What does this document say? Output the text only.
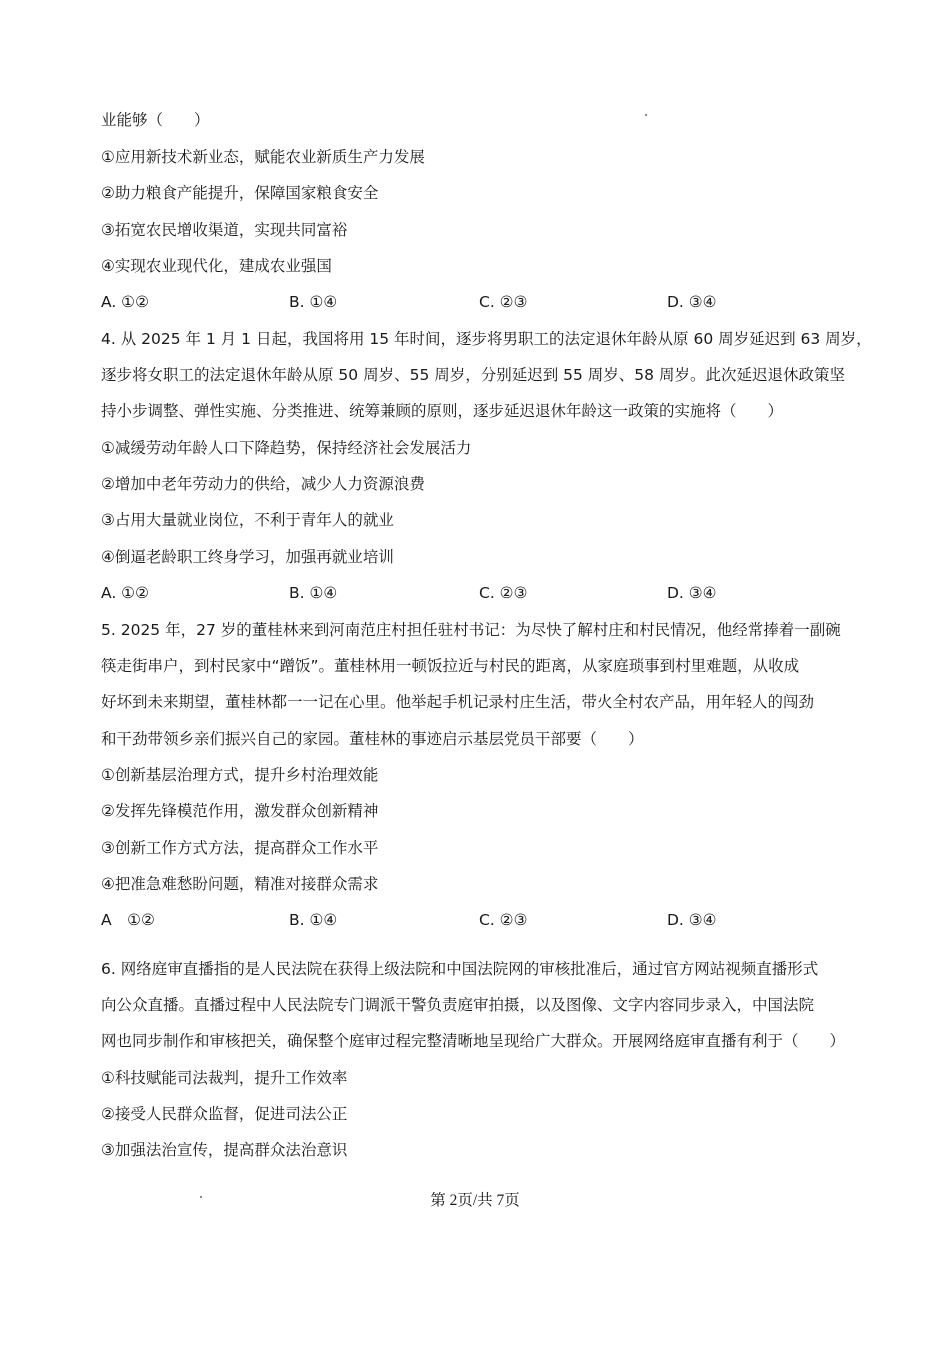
业能够（　　）
①应用新技术新业态，赋能农业新质生产力发展
②助力粮食产能提升，保障国家粮食安全
③拓宽农民增收渠道，实现共同富裕
④实现农业现代化，建成农业强国
A. ①②	B. ①④	C. ②③	D. ③④
4. 从 2025 年 1 月 1 日起，我国将用 15 年时间，逐步将男职工的法定退休年龄从原 60 周岁延迟到 63 周岁，
逐步将女职工的法定退休年龄从原 50 周岁、55 周岁，分别延迟到 55 周岁、58 周岁。此次延迟退休政策坚
持小步调整、弹性实施、分类推进、统筹兼顾的原则，逐步延迟退休年龄这一政策的实施将（　　）
①减缓劳动年龄人口下降趋势，保持经济社会发展活力
②增加中老年劳动力的供给，减少人力资源浪费
③占用大量就业岗位，不利于青年人的就业
④倒逼老龄职工终身学习，加强再就业培训
A. ①②	B. ①④	C. ②③	D. ③④
5. 2025 年，27 岁的董桂林来到河南范庄村担任驻村书记：为尽快了解村庄和村民情况，他经常捧着一副碗
筷走街串户，到村民家中“蹭饭”。董桂林用一顿饭拉近与村民的距离，从家庭琐事到村里难题，从收成
好坏到未来期望，董桂林都一一记在心里。他举起手机记录村庄生活，带火全村农产品，用年轻人的闯劲
和干劲带领乡亲们振兴自己的家园。董桂林的事迹启示基层党员干部要（　　）
①创新基层治理方式，提升乡村治理效能
②发挥先锋模范作用，激发群众创新精神
③创新工作方式方法，提高群众工作水平
④把准急难愁盼问题，精准对接群众需求
A　①②	B. ①④	C. ②③	D. ③④
6. 网络庭审直播指的是人民法院在获得上级法院和中国法院网的审核批准后，通过官方网站视频直播形式
向公众直播。直播过程中人民法院专门调派干警负责庭审拍摄，以及图像、文字内容同步录入，中国法院
网也同步制作和审核把关，确保整个庭审过程完整清晰地呈现给广大群众。开展网络庭审直播有利于（　　）
①科技赋能司法裁判，提升工作效率
②接受人民群众监督，促进司法公正
③加强法治宣传，提高群众法治意识
第 2页/共 7页
